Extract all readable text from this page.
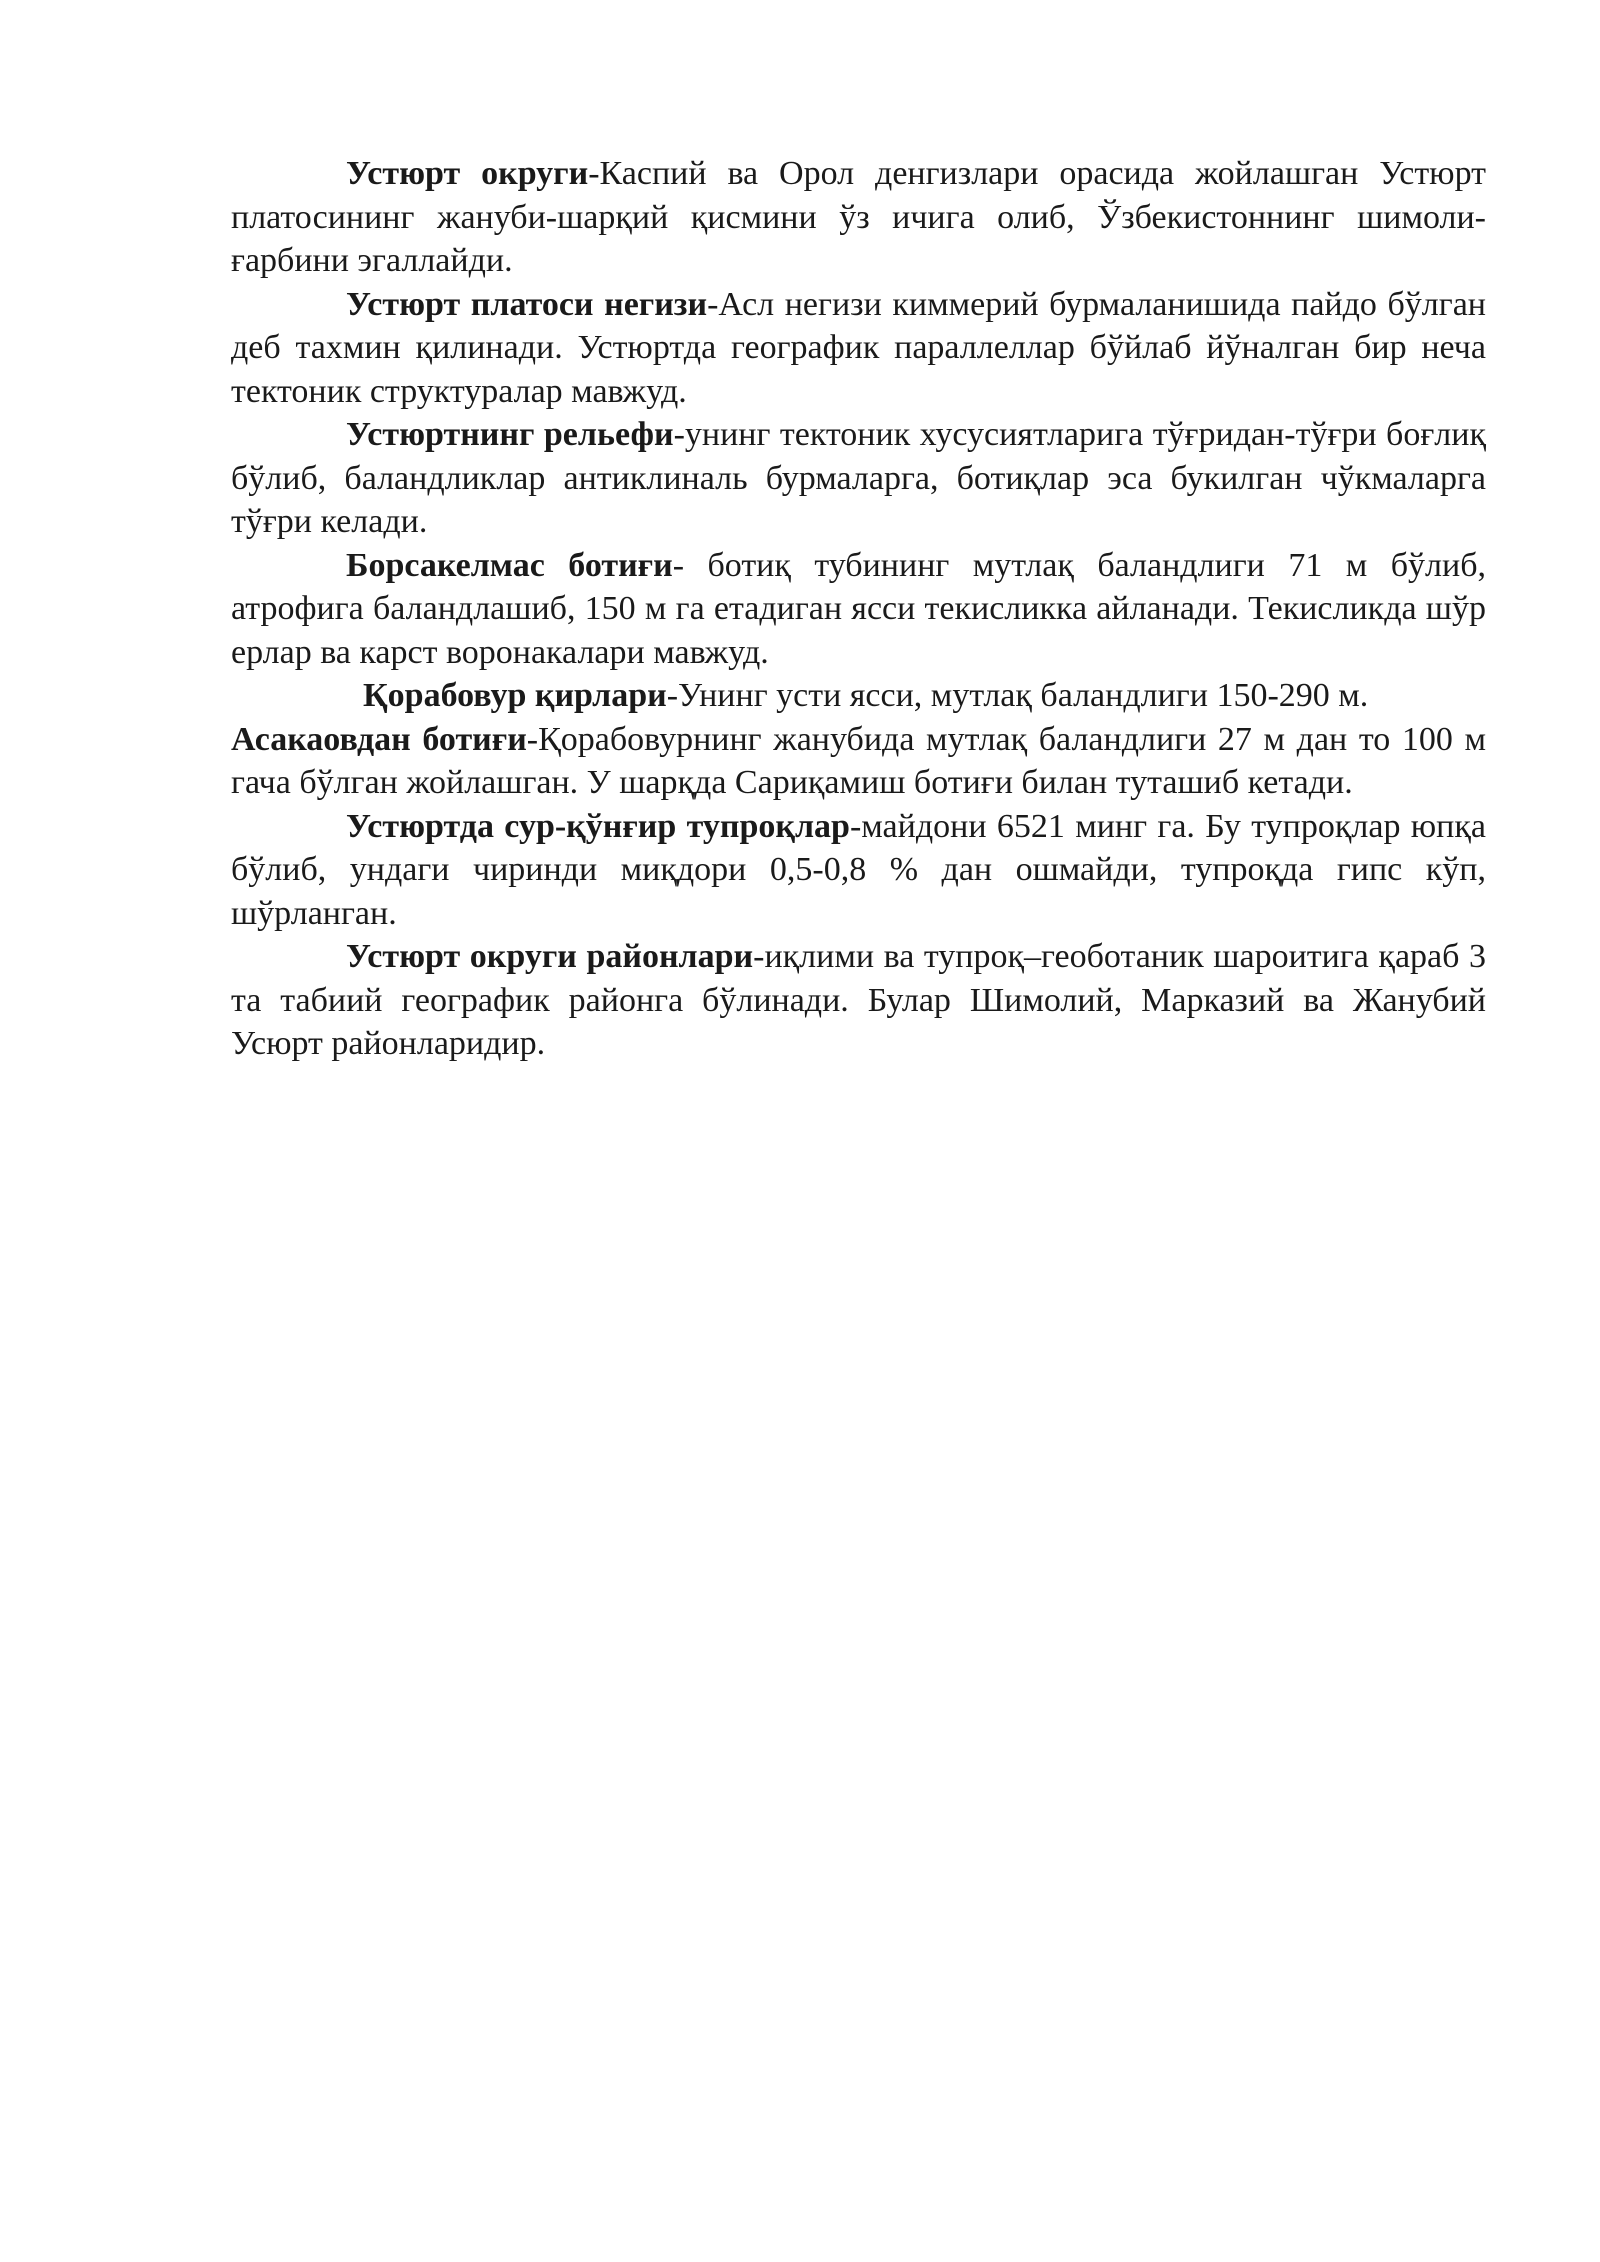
Устюрт округи-Каспий ва Орол денгизлари орасида жойлашган Устюрт платосининг жануби-шарқий қисмини ўз ичига олиб, Ўзбекистоннинг шимоли-ғарбини эгаллайди.

Устюрт платоси негизи-Асл негизи киммерий бурмаланишида пайдо бўлган деб тахмин қилинади. Устюртда географик параллеллар бўйлаб йўналган бир неча тектоник структуралар мавжуд.

Устюртнинг рельефи-унинг тектоник хусусиятларига тўғридан-тўғри боғлиқ бўлиб, баландликлар антиклиналь бурмаларга, ботиқлар эса букилган чўкмаларга тўғри келади.

Борсакелмас ботиғи- ботиқ тубининг мутлақ баландлиги 71 м бўлиб, атрофига баландлашиб, 150 м га етадиган ясси текисликка айланади. Текисликда шўр ерлар ва карст воронакалари мавжуд.

Қорабовур қирлари-Унинг усти ясси, мутлақ баландлиги 150-290 м.

Асакаовдан ботиғи-Қорабовурнинг жанубида мутлақ баландлиги 27 м дан то 100 м гача бўлган жойлашган. У шарқда Сариқамиш ботиғи билан туташиб кетади.

Устюртда сур-қўнғир тупроқлар-майдони 6521 минг га. Бу тупроқлар юпқа бўлиб, ундаги чиринди миқдори 0,5-0,8 % дан ошмайди, тупроқда гипс кўп, шўрланган.

Устюрт округи районлари-иқлими ва тупроқ–геоботаник шароитига қараб 3 та табиий географик районга бўлинади. Булар Шимолий, Марказий ва Жанубий Усюрт районларидир.
